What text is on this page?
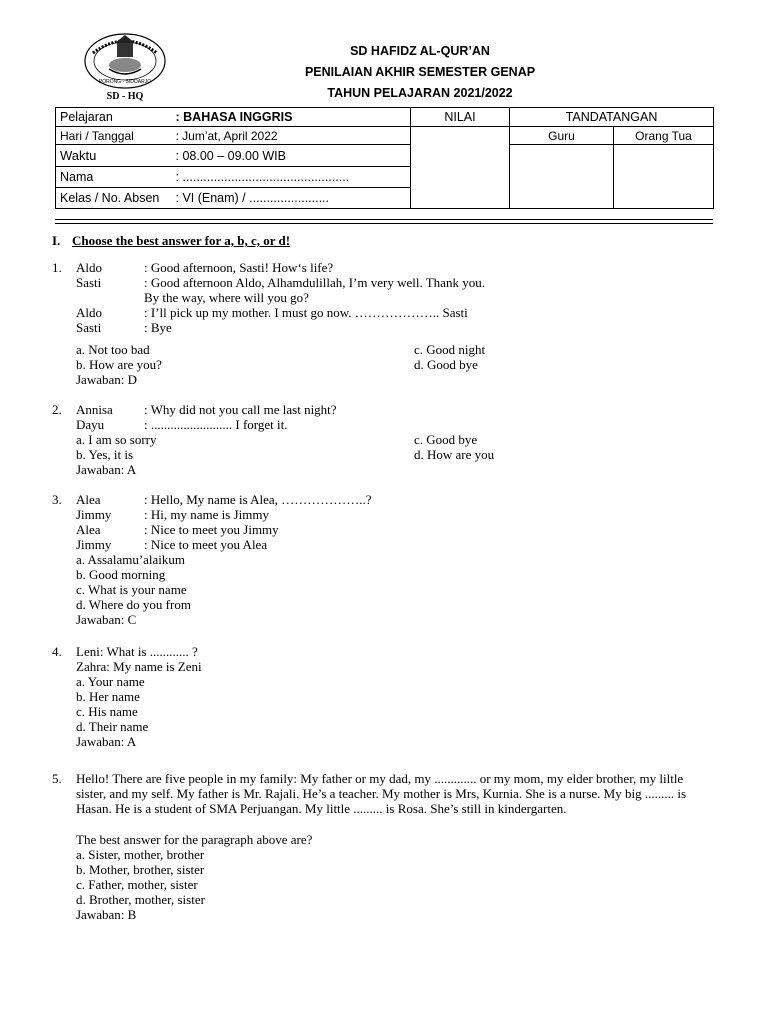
PORONG · SIDOARJO
SD - HQ
SD HAFIDZ AL-QUR’AN
PENILAIAN AKHIR SEMESTER GENAP
TAHUN PELAJARAN 2021/2022
Pelajaran	: BAHASA INGGRIS	NILAI	TANDATANGAN	
Hari / Tanggal	: Jum’at, April 2022		Guru	Orang Tua
Waktu	: 08.00 – 09.00 WIB			
Nama	: ................................................			
Kelas / No. Absen	: VI (Enam) / .......................			
I. Choose the best answer for a, b, c, or d!
1. Aldo	: Good afternoon, Sasti! How‘s life?
Sasti	: Good afternoon Aldo, Alhamdulillah, I’m very well. Thank you.
By the way, where will you go?
Aldo	: I’ll pick up my mother. I must go now. ……………….. Sasti
Sasti	: Bye
a. Not too bad	c. Good night
b. How are you?	d. Good bye
Jawaban: D
2. Annisa : Why did not you call me last night?
Dayu	: ......................... I forget it.
a. I am so sorry	c. Good bye
b. Yes, it is	d. How are you
Jawaban: A
3. Alea	: Hello, My name is Alea, ………………..?
Jimmy	: Hi, my name is Jimmy
Alea	: Nice to meet you Jimmy
Jimmy	: Nice to meet you Alea
a. Assalamu’alaikum
b. Good morning
c. What is your name
d. Where do you from
Jawaban: C
4. Leni: What is ............ ?
Zahra: My name is Zeni
a. Your name
b. Her name
c. His name
d. Their name
Jawaban: A
5. Hello! There are five people in my family: My father or my dad, my ............. or my mom, my elder brother, my liltle sister, and my self. My father is Mr. Rajali. He’s a teacher. My mother is Mrs, Kurnia. She is a nurse. My big ......... is Hasan. He is a student of SMA Perjuangan. My little ......... is Rosa. She’s still in kindergarten.
The best answer for the paragraph above are?
a. Sister, mother, brother
b. Mother, brother, sister
c. Father, mother, sister
d. Brother, mother, sister
Jawaban: B
